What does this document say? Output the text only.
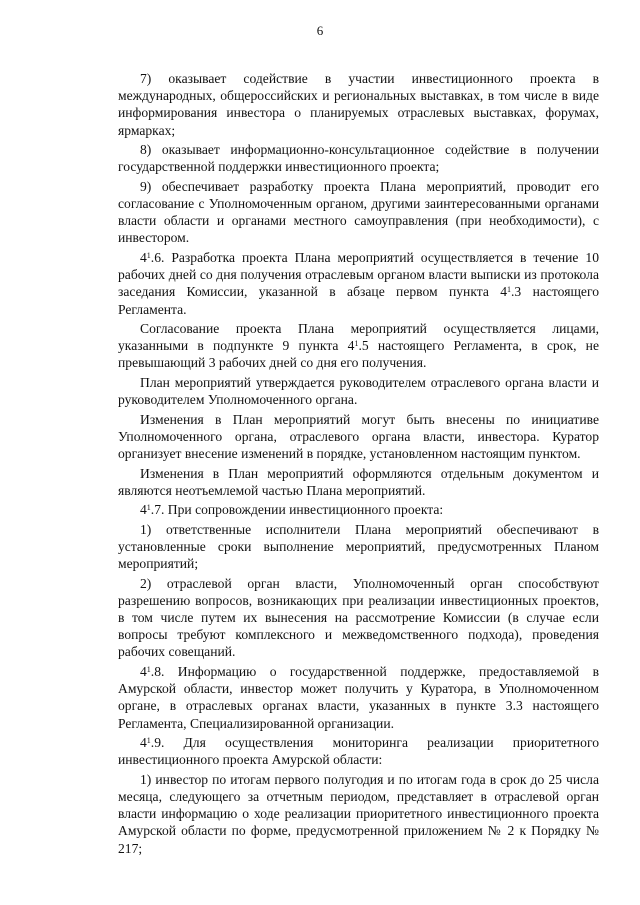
6

7) оказывает содействие в участии инвестиционного проекта в международных, общероссийских и региональных выставках, в том числе в виде информирования инвестора о планируемых отраслевых выставках, форумах, ярмарках;

8) оказывает информационно-консультационное содействие в получении государственной поддержки инвестиционного проекта;

9) обеспечивает разработку проекта Плана мероприятий, проводит его согласование с Уполномоченным органом, другими заинтересованными органами власти области и органами местного самоуправления (при необходимости), с инвестором.

$4^1.6$. Разработка проекта Плана мероприятий осуществляется в течение 10 рабочих дней со дня получения отраслевым органом власти выписки из протокола заседания Комиссии, указанной в абзаце первом пункта $4^1.3$ настоящего Регламента.

Согласование проекта Плана мероприятий осуществляется лицами, указанными в подпункте 9 пункта $4^1.5$ настоящего Регламента, в срок, не превышающий 3 рабочих дней со дня его получения.

План мероприятий утверждается руководителем отраслевого органа власти и руководителем Уполномоченного органа.

Изменения в План мероприятий могут быть внесены по инициативе Уполномоченного органа, отраслевого органа власти, инвестора. Куратор организует внесение изменений в порядке, установленном настоящим пунктом.

Изменения в План мероприятий оформляются отдельным документом и являются неотъемлемой частью Плана мероприятий.

$4^1.7$. При сопровождении инвестиционного проекта:

1) ответственные исполнители Плана мероприятий обеспечивают в установленные сроки выполнение мероприятий, предусмотренных Планом мероприятий;

2) отраслевой орган власти, Уполномоченный орган способствуют разрешению вопросов, возникающих при реализации инвестиционных проектов, в том числе путем их вынесения на рассмотрение Комиссии (в случае если вопросы требуют комплексного и межведомственного подхода), проведения рабочих совещаний.

$4^1.8$. Информацию о государственной поддержке, предоставляемой в Амурской области, инвестор может получить у Куратора, в Уполномоченном органе, в отраслевых органах власти, указанных в пункте 3.3 настоящего Регламента, Специализированной организации.

$4^1.9$. Для осуществления мониторинга реализации приоритетного инвестиционного проекта Амурской области:

1) инвестор по итогам первого полугодия и по итогам года в срок до 25 числа месяца, следующего за отчетным периодом, представляет в отраслевой орган власти информацию о ходе реализации приоритетного инвестиционного проекта Амурской области по форме, предусмотренной приложением № 2 к Порядку № 217;
